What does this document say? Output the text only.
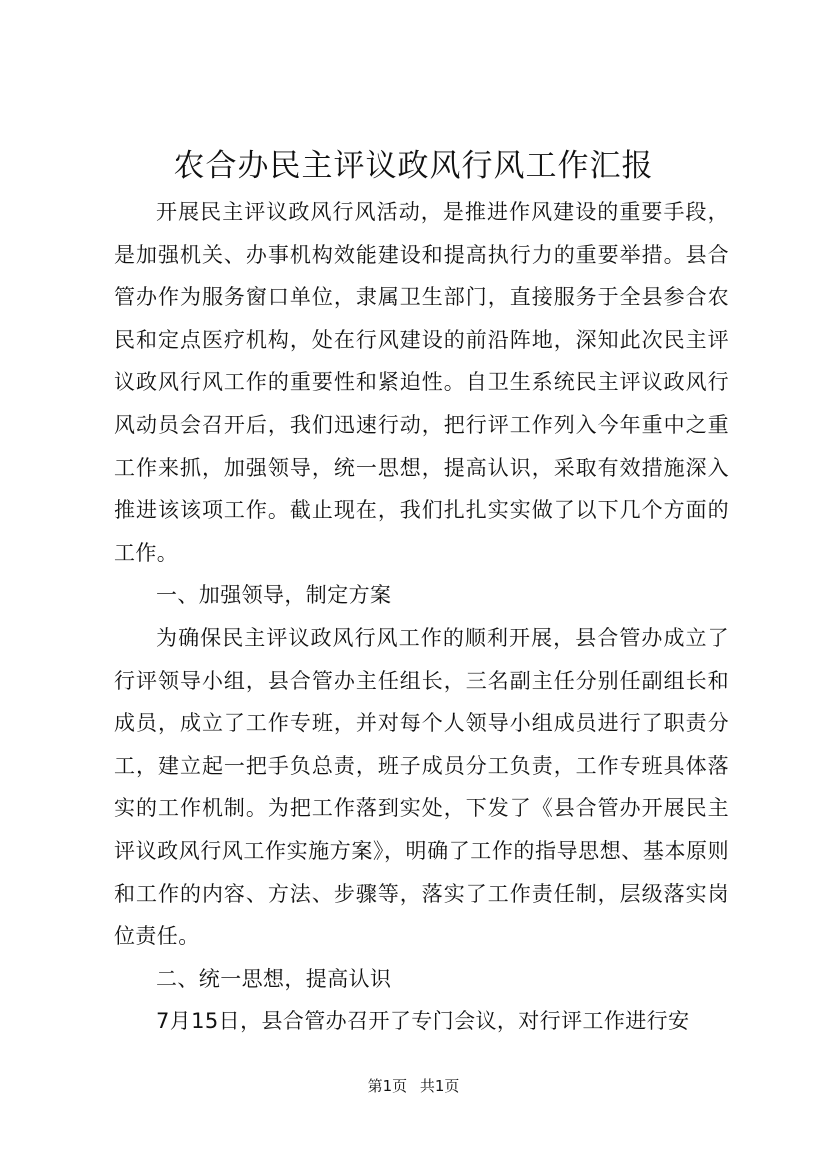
农合办民主评议政风行风工作汇报

开展民主评议政风行风活动，是推进作风建设的重要手段，是加强机关、办事机构效能建设和提高执行力的重要举措。县合管办作为服务窗口单位，隶属卫生部门，直接服务于全县参合农民和定点医疗机构，处在行风建设的前沿阵地，深知此次民主评议政风行风工作的重要性和紧迫性。自卫生系统民主评议政风行风动员会召开后，我们迅速行动，把行评工作列入今年重中之重工作来抓，加强领导，统一思想，提高认识，采取有效措施深入推进该该项工作。截止现在，我们扎扎实实做了以下几个方面的工作。

一、加强领导，制定方案

为确保民主评议政风行风工作的顺利开展，县合管办成立了行评领导小组，县合管办主任组长，三名副主任分别任副组长和成员，成立了工作专班，并对每个人领导小组成员进行了职责分工，建立起一把手负总责，班子成员分工负责，工作专班具体落实的工作机制。为把工作落到实处，下发了《县合管办开展民主评议政风行风工作实施方案》，明确了工作的指导思想、基本原则和工作的内容、方法、步骤等，落实了工作责任制，层级落实岗位责任。

二、统一思想，提高认识

7月15日，县合管办召开了专门会议，对行评工作进行安

第1页 共1页
